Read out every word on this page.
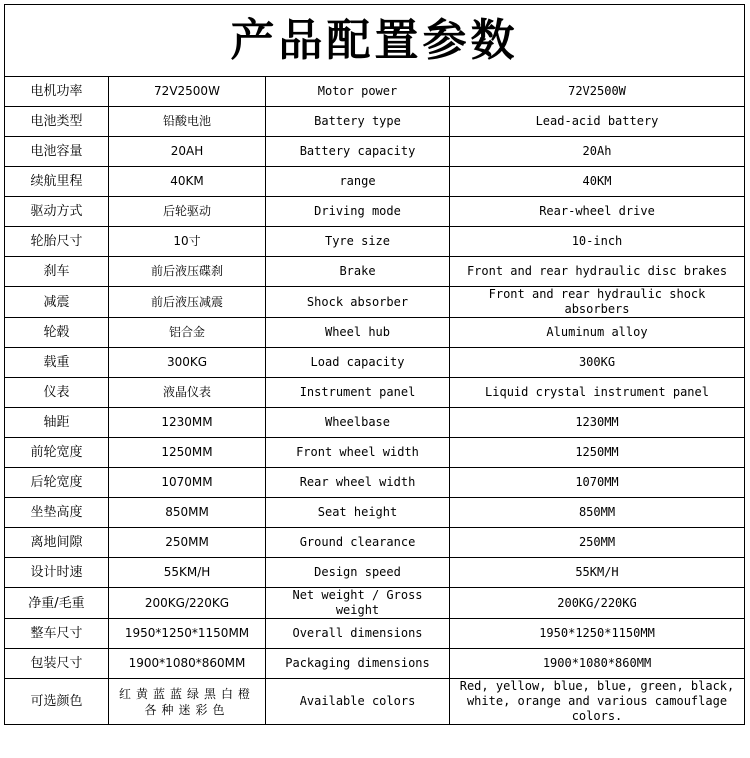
产品配置参数			
电机功率	72V2500W	Motor power	72V2500W
电池类型	铅酸电池	Battery type	Lead-acid battery
电池容量	20AH	Battery capacity	20Ah
续航里程	40KM	range	40KM
驱动方式	后轮驱动	Driving mode	Rear-wheel drive
轮胎尺寸	10寸	Tyre size	10-inch
刹车	前后液压碟刹	Brake	Front and rear hydraulic disc brakes
减震	前后液压减震	Shock absorber	Front and rear hydraulic shock absorbers
轮毂	铝合金	Wheel hub	Aluminum alloy
载重	300KG	Load capacity	300KG
仪表	液晶仪表	Instrument panel	Liquid crystal instrument panel
轴距	1230MM	Wheelbase	1230MM
前轮宽度	1250MM	Front wheel width	1250MM
后轮宽度	1070MM	Rear wheel width	1070MM
坐垫高度	850MM	Seat height	850MM
离地间隙	250MM	Ground clearance	250MM
设计时速	55KM/H	Design speed	55KM/H
净重/毛重	200KG/220KG	Net weight / Gross weight	200KG/220KG
整车尺寸	1950*1250*1150MM	Overall dimensions	1950*1250*1150MM
包装尺寸	1900*1080*860MM	Packaging dimensions	1900*1080*860MM
可选颜色	红黄蓝蓝绿黑白橙各种迷彩色	Available colors	Red, yellow, blue, blue, green, black, white, orange and various camouflage colors.
